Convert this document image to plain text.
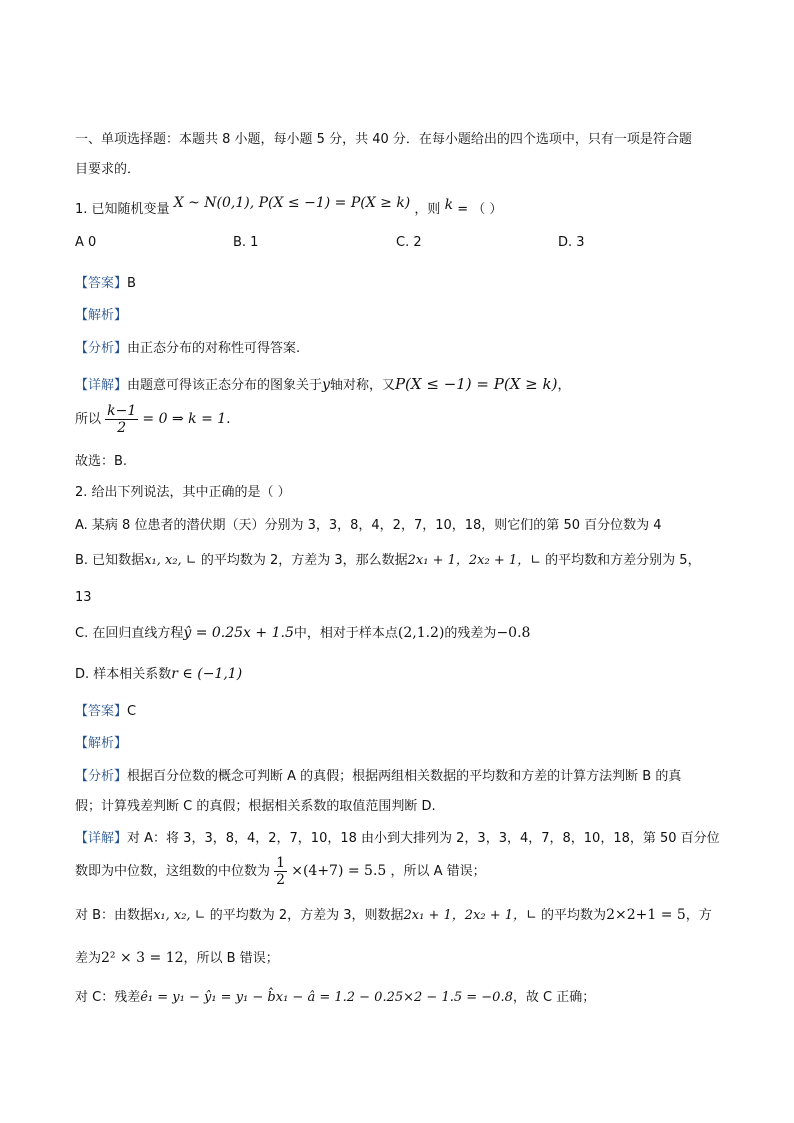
一、单项选择题：本题共 8 小题，每小题 5 分，共 40 分．在每小题给出的四个选项中，只有一项是符合题
目要求的．
1. 已知随机变量 X ~ N(0,1), P(X ≤ −1) = P(X ≥ k) ，则 k = （ ）
A 0	B. 1	C. 2	D. 3
【答案】B
【解析】
【分析】由正态分布的对称性可得答案.
【详解】由题意可得该正态分布的图象关于y轴对称，又P(X ≤ −1) = P(X ≥ k)，
所以 $\frac{k-1}{2} = 0$ ⇒ k = 1.
故选：B.
2. 给出下列说法，其中正确的是（ ）
A. 某病 8 位患者的潜伏期（天）分别为 3，3，8，4，2，7，10，18，则它们的第 50 百分位数为 4
B. 已知数据x₁, x₂, ∟ 的平均数为 2，方差为 3，那么数据2x₁ + 1，2x₂ + 1，∟ 的平均数和方差分别为 5，
13
C. 在回归直线方程ŷ = 0.25x + 1.5中，相对于样本点(2,1.2)的残差为−0.8
D. 样本相关系数r ∈ (−1,1)
【答案】C
【解析】
【分析】根据百分位数的概念可判断 A 的真假；根据两组相关数据的平均数和方差的计算方法判断 B 的真
假；计算残差判断 C 的真假；根据相关系数的取值范围判断 D.
【详解】对 A：将 3，3，8，4，2，7，10，18 由小到大排列为 2，3，3，4，7，8，10，18，第 50 百分位
数即为中位数，这组数的中位数为 $\frac{1}{2} \times(4+7) = 5.5$ ，所以 A 错误；
对 B：由数据x₁, x₂, ∟ 的平均数为 2，方差为 3，则数据2x₁ + 1，2x₂ + 1，∟ 的平均数为2×2+1 = 5，方
差为2² × 3 = 12，所以 B 错误；
对 C：残差ê₁ = y₁ − ŷ₁ = y₁ − b̂x₁ − â = 1.2 − 0.25×2 − 1.5 = −0.8，故 C 正确；
